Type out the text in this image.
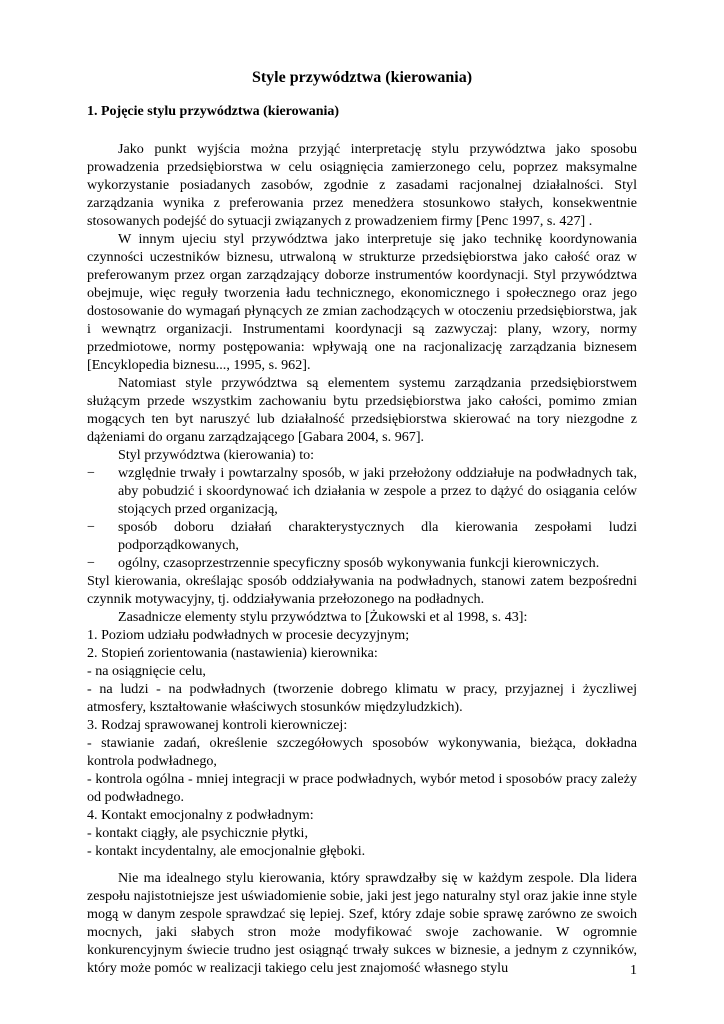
Style przywództwa (kierowania)
1. Pojęcie stylu przywództwa (kierowania)

Jako punkt wyjścia można przyjąć interpretację stylu przywództwa jako sposobu prowadzenia przedsiębiorstwa w celu osiągnięcia zamierzonego celu, poprzez maksymalne wykorzystanie posiadanych zasobów, zgodnie z zasadami racjonalnej działalności. Styl zarządzania wynika z preferowania przez menedżera stosunkowo stałych, konsekwentnie stosowanych podejść do sytuacji związanych z prowadzeniem firmy [Penc 1997, s. 427] .

W innym ujeciu styl przywództwa jako interpretuje się jako technikę koordynowania czynności uczestników biznesu, utrwaloną w strukturze przedsiębiorstwa jako całość oraz w preferowanym przez organ zarządzający doborze instrumentów koordynacji. Styl przywództwa obejmuje, więc reguły tworzenia ładu technicznego, ekonomicznego i społecznego oraz jego dostosowanie do wymagań płynących ze zmian zachodzących w otoczeniu przedsiębiorstwa, jak i wewnątrz organizacji. Instrumentami koordynacji są zazwyczaj: plany, wzory, normy przedmiotowe, normy postępowania: wpływają one na racjonalizację zarządzania biznesem [Encyklopedia biznesu..., 1995, s. 962].

Natomiast style przywództwa są elementem systemu zarządzania przedsiębiorstwem służącym przede wszystkim zachowaniu bytu przedsiębiorstwa jako całości, pomimo zmian mogących ten byt naruszyć lub działalność przedsiębiorstwa skierować na tory niezgodne z dążeniami do organu zarządzającego [Gabara 2004, s. 967].

Styl przywództwa (kierowania) to:

− względnie trwały i powtarzalny sposób, w jaki przełożony oddziałuje na podwładnych tak, aby pobudzić i skoordynować ich działania w zespole a przez to dążyć do osiągania celów stojących przed organizacją,
− sposób doboru działań charakterystycznych dla kierowania zespołami ludzi podporządkowanych,
− ogólny, czasoprzestrzennie specyficzny sposób wykonywania funkcji kierowniczych.

Styl kierowania, określając sposób oddziaływania na podwładnych, stanowi zatem bezpośredni czynnik motywacyjny, tj. oddziaływania przełozonego na podładnych.

Zasadnicze elementy stylu przywództwa to [Żukowski et al 1998, s. 43]:

1. Poziom udziału podwładnych w procesie decyzyjnym;

2. Stopień zorientowania (nastawienia) kierownika:

- na osiągnięcie celu,

- na ludzi - na podwładnych (tworzenie dobrego klimatu w pracy, przyjaznej i życzliwej atmosfery, kształtowanie właściwych stosunków międzyludzkich).

3. Rodzaj sprawowanej kontroli kierowniczej:

- stawianie zadań, określenie szczegółowych sposobów wykonywania, bieżąca, dokładna kontrola podwładnego,

- kontrola ogólna - mniej integracji w prace podwładnych, wybór metod i sposobów pracy zależy od podwładnego.

4. Kontakt emocjonalny z podwładnym:

- kontakt ciągły, ale psychicznie płytki,

- kontakt incydentalny, ale emocjonalnie głęboki.

Nie ma idealnego stylu kierowania, który sprawdzałby się w każdym zespole. Dla lidera zespołu najistotniejsze jest uświadomienie sobie, jaki jest jego naturalny styl oraz jakie inne style mogą w danym zespole sprawdzać się lepiej. Szef, który zdaje sobie sprawę zarówno ze swoich mocnych, jaki słabych stron może modyfikować swoje zachowanie. W ogromnie konkurencyjnym świecie trudno jest osiągnąć trwały sukces w biznesie, a jednym z czynników, który może pomóc w realizacji takiego celu jest znajomość własnego stylu	1
